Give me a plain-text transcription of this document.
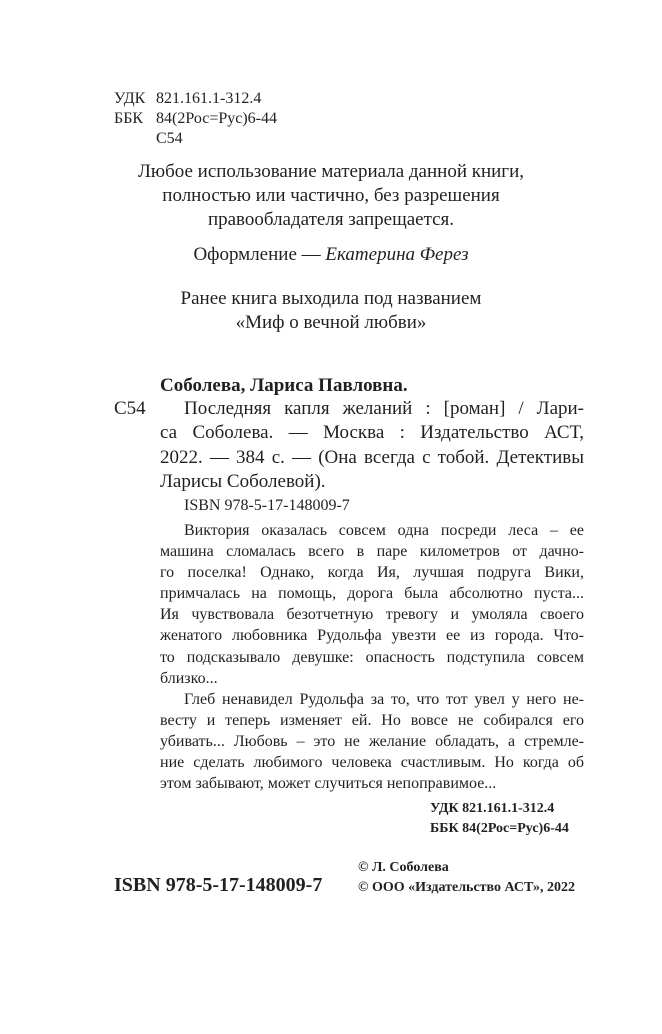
УДК 821.161.1-312.4
ББК 84(2Рос=Рус)6-44
С54
Любое использование материала данной книги,
полностью или частично, без разрешения
правообладателя запрещается.
Оформление — Екатерина Ферез
Ранее книга выходила под названием
«Миф о вечной любви»
Соболева, Лариса Павловна.
С54	Последняя капля желаний : [роман] / Лари-
са Соболева. — Москва : Издательство АСТ,
2022. — 384 с. — (Она всегда с тобой. Детективы
Ларисы Соболевой).
ISBN 978-5-17-148009-7
Виктория оказалась совсем одна посреди леса – ее
машина сломалась всего в паре километров от дачно-
го поселка! Однако, когда Ия, лучшая подруга Вики,
примчалась на помощь, дорога была абсолютно пуста...
Ия чувствовала безотчетную тревогу и умоляла своего
женатого любовника Рудольфа увезти ее из города. Что-
то подсказывало девушке: опасность подступила совсем
близко...
Глеб ненавидел Рудольфа за то, что тот увел у него не-
весту и теперь изменяет ей. Но вовсе не собирался его
убивать... Любовь – это не желание обладать, а стремле-
ние сделать любимого человека счастливым. Но когда об
этом забывают, может случиться непоправимое...
УДК 821.161.1-312.4
ББК 84(2Рос=Рус)6-44
ISBN 978-5-17-148009-7
© Л. Соболева
© ООО «Издательство АСТ», 2022
